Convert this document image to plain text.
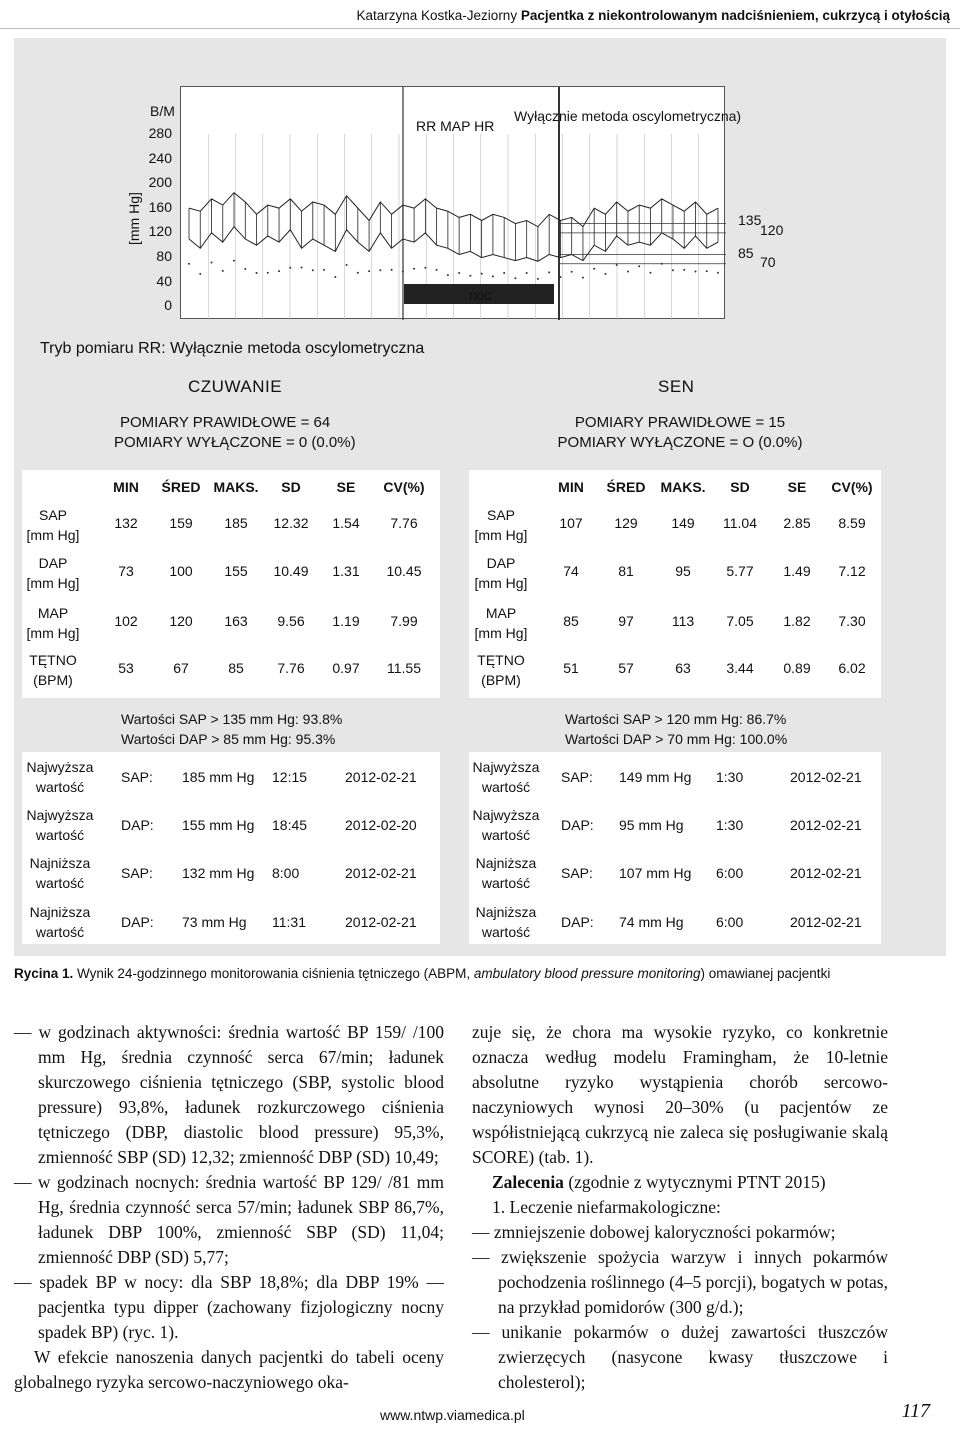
Katarzyna Kostka-Jeziorny Pacjentka z niekontrolowanym nadciśnieniem, cukrzycą i otyłością
[mm Hg]
B/M
280
240
200
160
120
80
40
0
RR MAP HR
Wyłącznie metoda oscylometryczna)
noc
135
120
85
70
Tryb pomiaru RR: Wyłącznie metoda oscylometryczna
CZUWANIE	SEN
POMIARY PRAWIDŁOWE = 64
POMIARY WYŁĄCZONE = 0 (0.0%)
POMIARY PRAWIDŁOWE = 15
POMIARY WYŁĄCZONE = O (0.0%)
MIN	ŚRED MAKS.	SD	SE	CV(%)
SAP
[mm Hg]
132	159	185	12.32	1.54	7.76
DAP
[mm Hg]
73	100	155	10.49	1.31	10.45
MAP
[mm Hg]
102	120	163	9.56	1.19	7.99
TĘTNO
(BPM)
53	67	85	7.76	0.97	11.55
MIN	ŚRED	MAKS.	SD	SE	CV(%)
SAP
[mm Hg]
107	129	149	11.04	2.85	8.59
DAP
[mm Hg]
74	81	95	5.77	1.49	7.12
MAP
[mm Hg]
85	97	113	7.05	1.82	7.30
TĘTNO
(BPM)
51	57	63	3.44	0.89	6.02
Wartości SAP > 135 mm Hg: 93.8%
Wartości DAP > 85 mm Hg: 95.3%
Wartości SAP > 120 mm Hg: 86.7%
Wartości DAP > 70 mm Hg: 100.0%
Najwyższa
wartość
SAP: 185 mm Hg 12:15	2012-02-21
Najwyższa
wartość
DAP: 155 mm Hg 18:45	2012-02-20
Najniższa
wartość
SAP: 132 mm Hg 8:00	2012-02-21
Najniższa
wartość
DAP: 73 mm Hg 11:31	2012-02-21
Najwyższa
wartość
SAP: 149 mm Hg 1:30	2012-02-21
Najwyższa
wartość
DAP: 95 mm Hg 1:30	2012-02-21
Najniższa
wartość
SAP: 107 mm Hg 6:00	2012-02-21
Najniższa
wartość
DAP: 74 mm Hg 6:00	2012-02-21
Rycina 1. Wynik 24-godzinnego monitorowania ciśnienia tętniczego (ABPM, ambulatory blood pressure monitoring) omawianej pacjentki
— w godzinach aktywności: średnia wartość BP 159/ /100 mm Hg, średnia czynność serca 67/min; ładunek skurczowego ciśnienia tętniczego (SBP, systolic blood pressure) 93,8%, ładunek rozkurczowego ciśnienia tętniczego (DBP, diastolic blood pressure) 95,3%, zmienność SBP (SD) 12,32; zmienność DBP (SD) 10,49;
— w godzinach nocnych: średnia wartość BP 129/ /81 mm Hg, średnia czynność serca 57/min; ładunek SBP 86,7%, ładunek DBP 100%, zmienność SBP (SD) 11,04; zmienność DBP (SD) 5,77;
— spadek BP w nocy: dla SBP 18,8%; dla DBP 19% — pacjentka typu dipper (zachowany fizjologiczny nocny spadek BP) (ryc. 1).
W efekcie nanoszenia danych pacjentki do tabeli oceny globalnego ryzyka sercowo-naczyniowego oka-
zuje się, że chora ma wysokie ryzyko, co konkretnie oznacza według modelu Framingham, że 10-letnie absolutne ryzyko wystąpienia chorób sercowo-naczyniowych wynosi 20–30% (u pacjentów ze współistniejącą cukrzycą nie zaleca się posługiwanie skalą SCORE) (tab. 1).
Zalecenia (zgodnie z wytycznymi PTNT 2015)
1. Leczenie niefarmakologiczne:
— zmniejszenie dobowej kaloryczności pokarmów;
— zwiększenie spożycia warzyw i innych pokarmów pochodzenia roślinnego (4–5 porcji), bogatych w potas, na przykład pomidorów (300 g/d.);
— unikanie pokarmów o dużej zawartości tłuszczów zwierzęcych (nasycone kwasy tłuszczowe i cholesterol);
www.ntwp.viamedica.pl	117
